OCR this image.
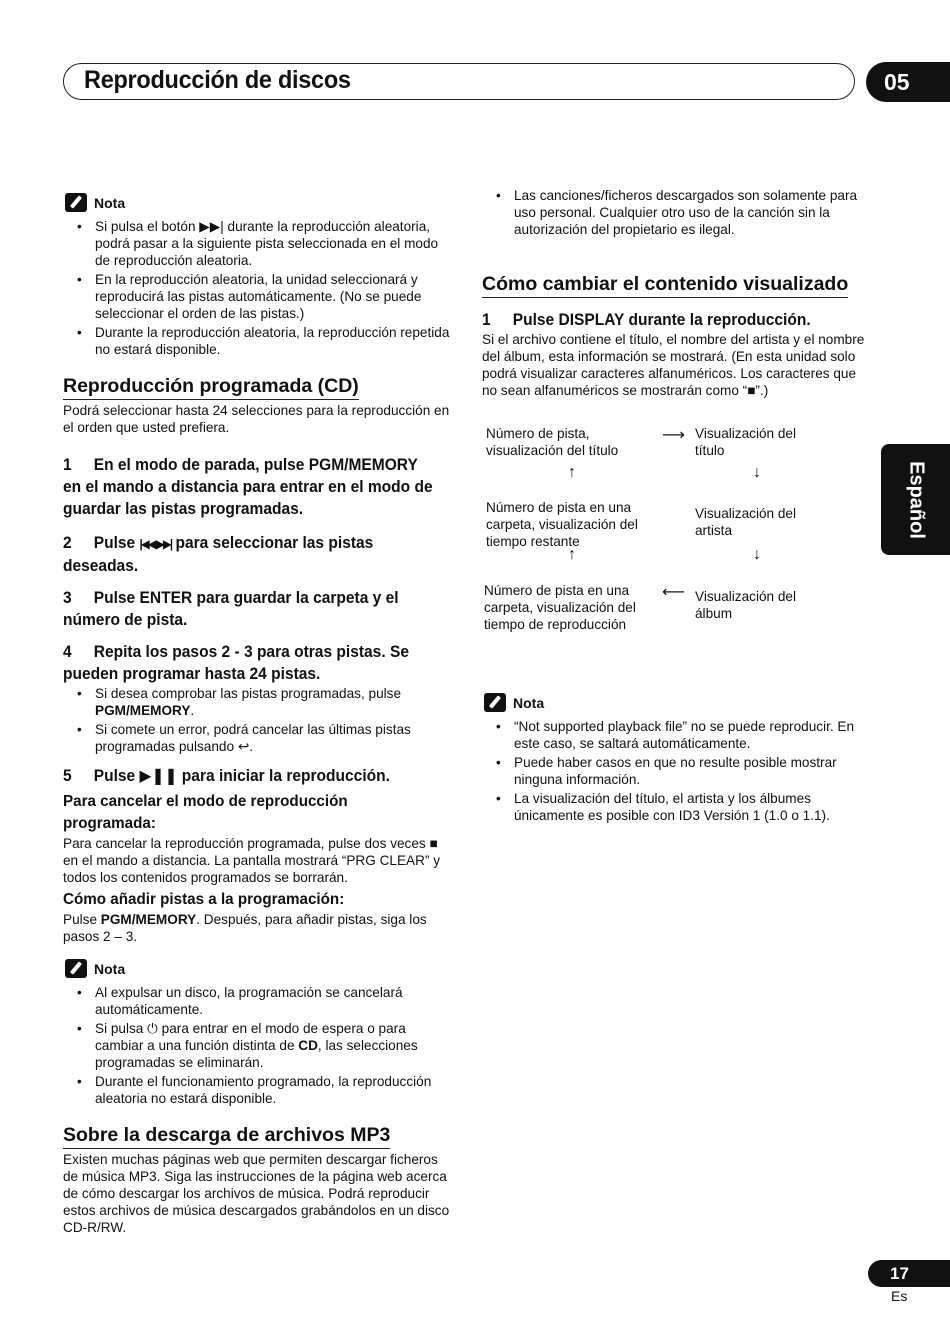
Reproducción de discos	05
Español
Nota
• Si pulsa el botón ▶▶| durante la reproducción aleatoria, podrá pasar a la siguiente pista seleccionada en el modo de reproducción aleatoria.
• En la reproducción aleatoria, la unidad seleccionará y reproducirá las pistas automáticamente. (No se puede seleccionar el orden de las pistas.)
• Durante la reproducción aleatoria, la reproducción repetida no estará disponible.
Reproducción programada (CD)

Podrá seleccionar hasta 24 selecciones para la reproducción en el orden que usted prefiera.

1 En el modo de parada, pulse PGM/MEMORY en el mando a distancia para entrar en el modo de guardar las pistas programadas.

2 Pulse |◀◀ ▶▶| para seleccionar las pistas deseadas.

3 Pulse ENTER para guardar la carpeta y el número de pista.

4 Repita los pasos 2 - 3 para otras pistas. Se pueden programar hasta 24 pistas.

• Si desea comprobar las pistas programadas, pulse PGM/MEMORY.
• Si comete un error, podrá cancelar las últimas pistas programadas pulsando ↩.

5 Pulse ▶❚❚ para iniciar la reproducción.

Para cancelar el modo de reproducción programada:

Para cancelar la reproducción programada, pulse dos veces ■ en el mando a distancia. La pantalla mostrará “PRG CLEAR” y todos los contenidos programados se borrarán.

Cómo añadir pistas a la programación:

Pulse PGM/MEMORY. Después, para añadir pistas, siga los pasos 2 – 3.

Nota
• Al expulsar un disco, la programación se cancelará automáticamente.
• Si pulsa ⏻ para entrar en el modo de espera o para cambiar a una función distinta de CD, las selecciones programadas se eliminarán.
• Durante el funcionamiento programado, la reproducción aleatoria no estará disponible.
Sobre la descarga de archivos MP3

Existen muchas páginas web que permiten descargar ficheros de música MP3. Siga las instrucciones de la página web acerca de cómo descargar los archivos de música. Podrá reproducir estos archivos de música descargados grabándolos en un disco CD-R/RW.

• Las canciones/ficheros descargados son solamente para uso personal. Cualquier otro uso de la canción sin la autorización del propietario es ilegal.
Cómo cambiar el contenido visualizado

1 Pulse DISPLAY durante la reproducción.

Si el archivo contiene el título, el nombre del artista y el nombre del álbum, esta información se mostrará. (En esta unidad solo podrá visualizar caracteres alfanuméricos. Los caracteres que no sean alfanuméricos se mostrarán como “■”.)

Número de pista, visualización del título
⟶ Visualización del título
↑	↓
Número de pista en una carpeta, visualización del tiempo restante
Visualización del artista
↑	↓
Número de pista en una carpeta, visualización del tiempo de reproducción
⟵ Visualización del álbum
Nota
• “Not supported playback file” no se puede reproducir. En este caso, se saltará automáticamente.
• Puede haber casos en que no resulte posible mostrar ninguna información.
• La visualización del título, el artista y los álbumes únicamente es posible con ID3 Versión 1 (1.0 o 1.1).
17
Es
